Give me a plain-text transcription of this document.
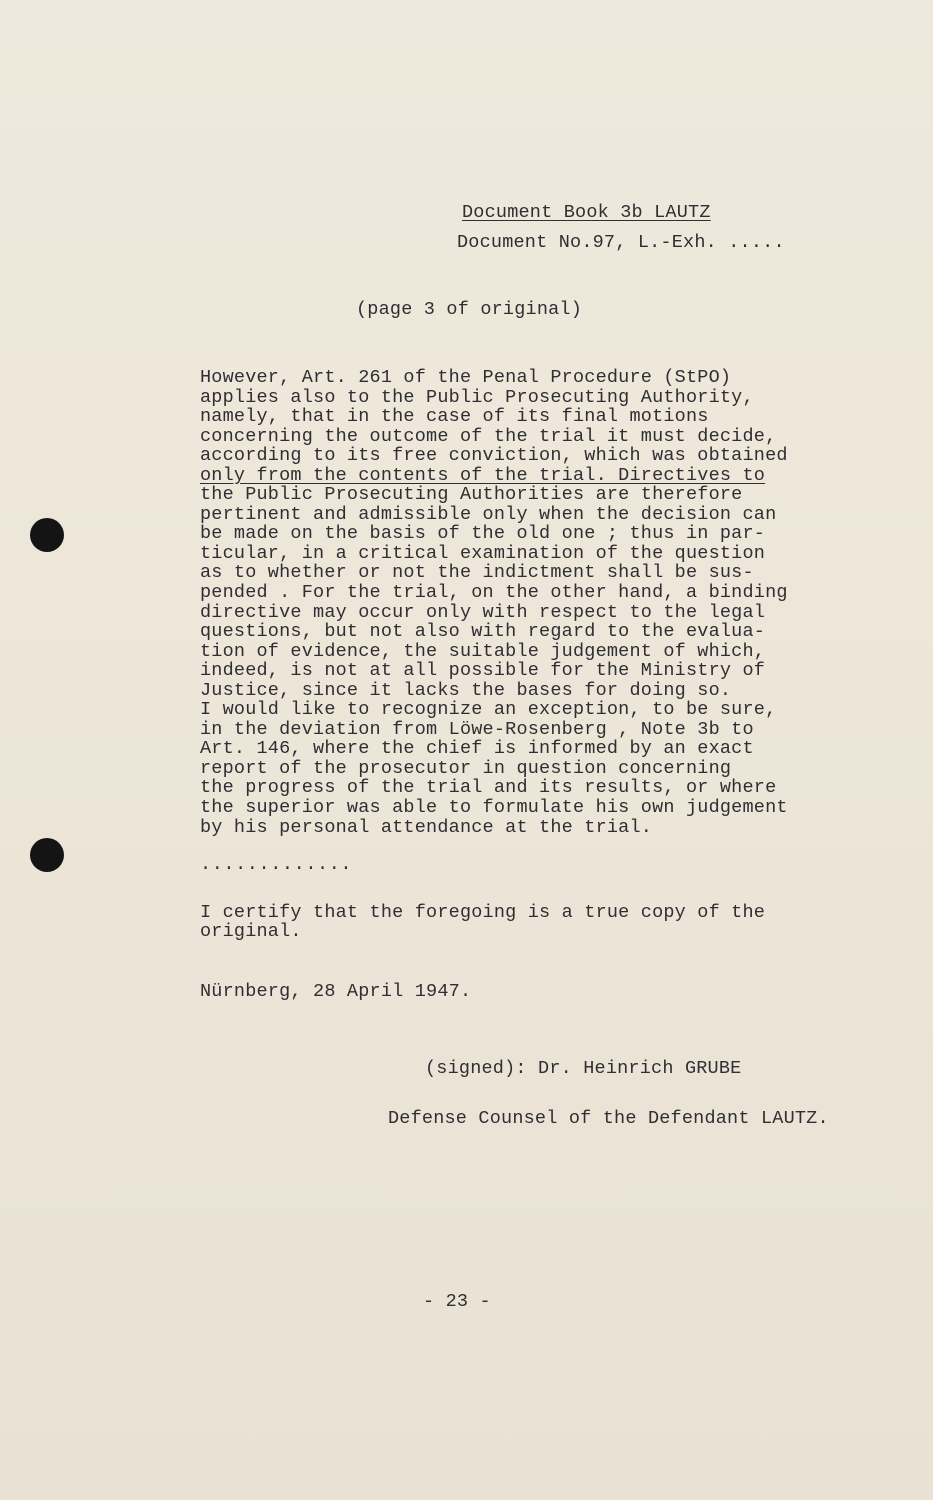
Document Book 3b LAUTZ
Document No.97, L.-Exh. .....
(page 3 of original)
However, Art. 261 of the Penal Procedure (StPO)
applies also to the Public Prosecuting Authority,
namely, that in the case of its final motions
concerning the outcome of the trial it must decide,
according to its free conviction, which was obtained
only from the contents of the trial. Directives to
the Public Prosecuting Authorities are therefore
pertinent and admissible only when the decision can
be made on the basis of the old one ; thus in par-
ticular, in a critical examination of the question
as to whether or not the indictment shall be sus-
pended . For the trial, on the other hand, a binding
directive may occur only with respect to the legal
questions, but not also with regard to the evalua-
tion of evidence, the suitable judgement of which,
indeed, is not at all possible for the Ministry of
Justice, since it lacks the bases for doing so.
I would like to recognize an exception, to be sure,
in the deviation from Löwe-Rosenberg , Note 3b to
Art. 146, where the chief is informed by an exact
report of the prosecutor in question concerning
the progress of the trial and its results, or where
the superior was able to formulate his own judgement
by his personal attendance at the trial.
.............
I certify that the foregoing is a true copy of the
original.
Nürnberg, 28 April 1947.
(signed): Dr. Heinrich GRUBE
Defense Counsel of the Defendant LAUTZ.
- 23 -
